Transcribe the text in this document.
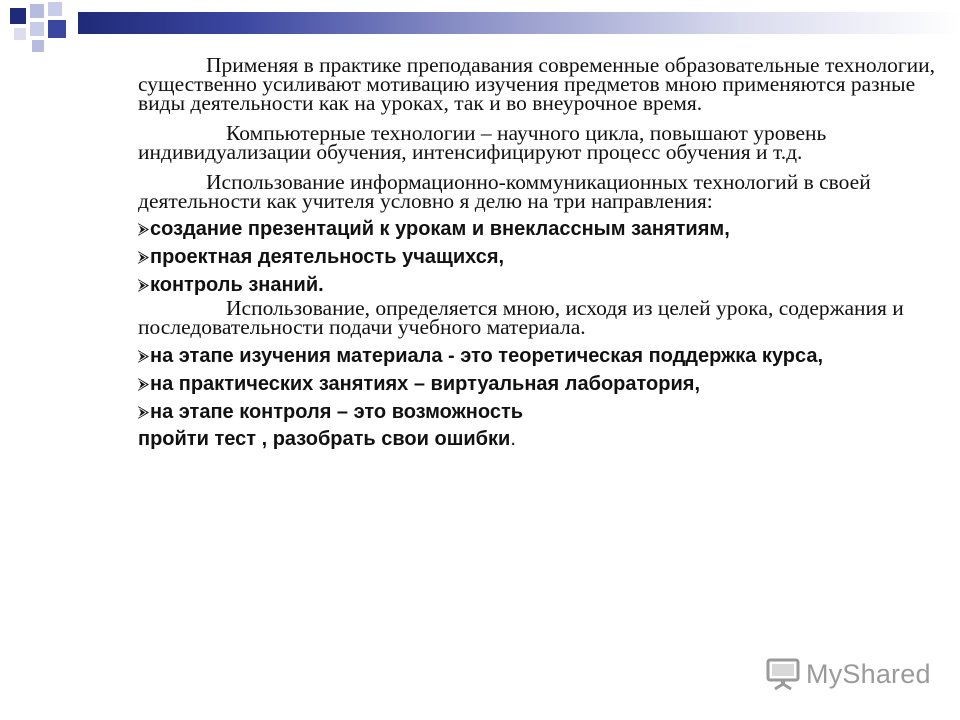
Применяя в практике преподавания современные образовательные технологии, существенно усиливают мотивацию изучения предметов мною применяются разные виды деятельности как на уроках, так и во внеурочное время.

Компьютерные технологии – научного цикла, повышают уровень индивидуализации обучения, интенсифицируют процесс обучения и т.д.

Использование информационно-коммуникационных технологий в своей деятельности как учителя условно я делю на три направления:

создание презентаций к урокам и внеклассным занятиям,

проектная деятельность учащихся,

контроль знаний.

Использование, определяется мною, исходя из целей урока, содержания и последовательности подачи учебного материала.

на этапе изучения материала - это теоретическая поддержка курса,

на практических занятиях – виртуальная лаборатория,

на этапе контроля – это возможность

пройти тест , разобрать свои ошибки.

MyShared
